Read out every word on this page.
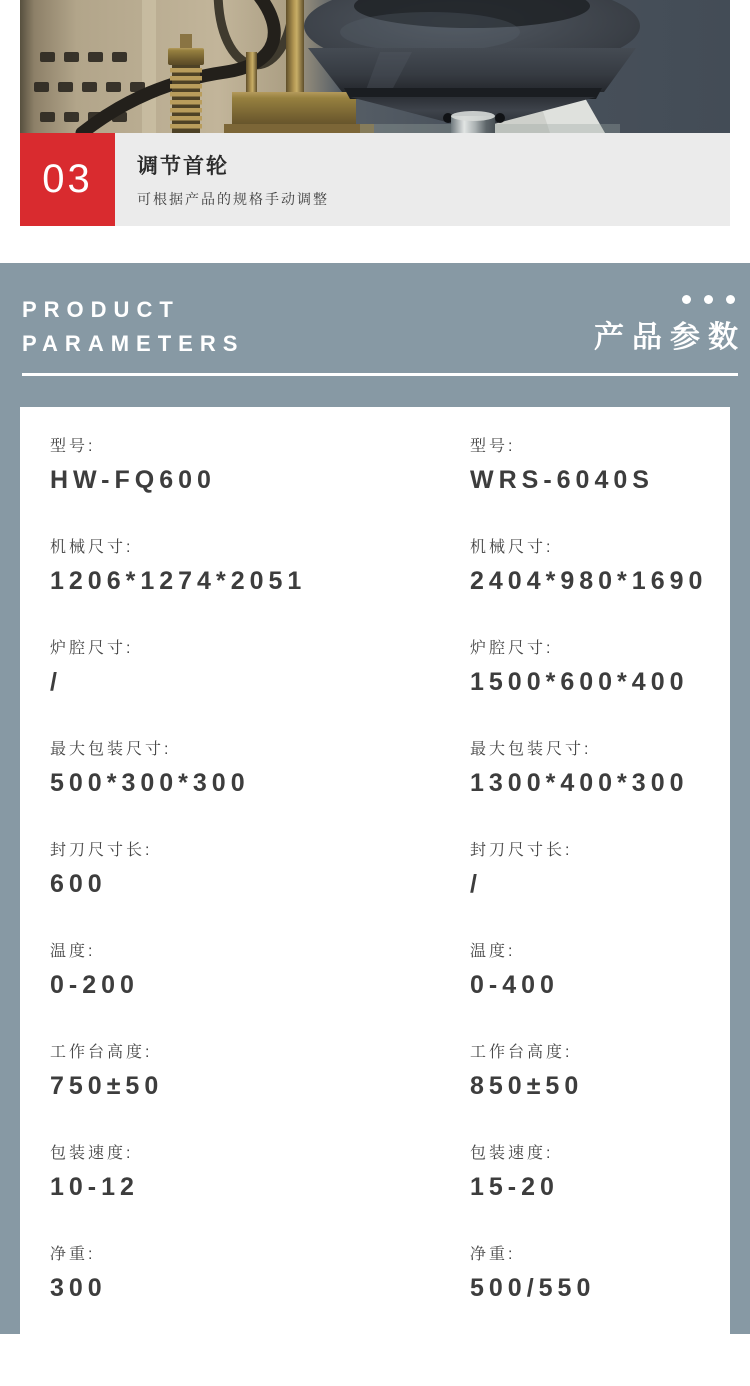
03	调节首轮
可根据产品的规格手动调整
PRODUCT
PARAMETERS	产品参数
型号:
HW-FQ600
型号:
WRS-6040S
机械尺寸:
1206*1274*2051
机械尺寸:
2404*980*1690
炉腔尺寸:
/
炉腔尺寸:
1500*600*400
最大包装尺寸:
500*300*300
最大包装尺寸:
1300*400*300
封刀尺寸长:
600
封刀尺寸长:
/
温度:
0-200
温度:
0-400
工作台高度:
750±50
工作台高度:
850±50
包装速度:
10-12
包装速度:
15-20
净重:
300
净重:
500/550
